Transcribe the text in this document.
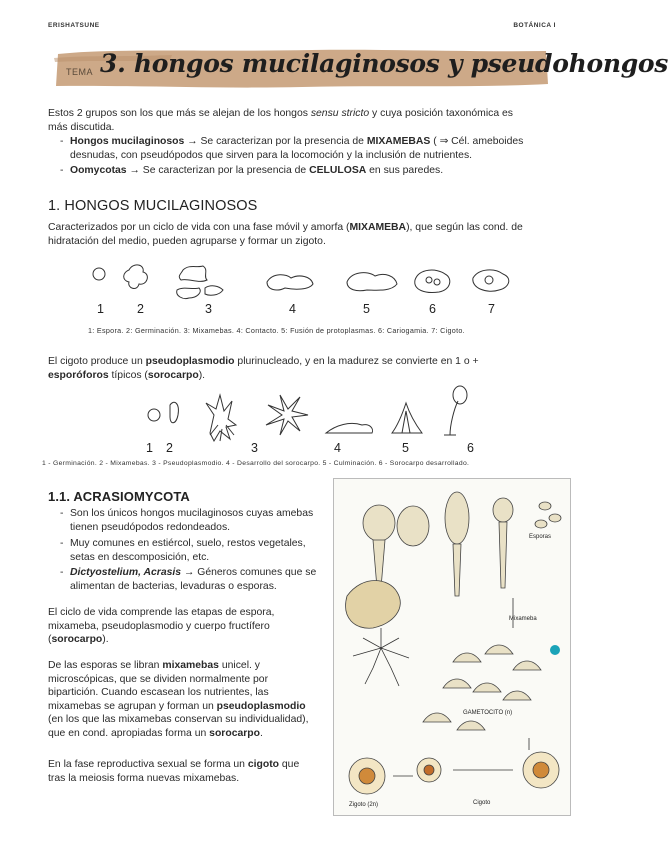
ERISHATSUNE	BOTÁNICA I
TEMA 3. hongos mucilaginosos y pseudohongos
Estos 2 grupos son los que más se alejan de los hongos sensu stricto y cuya posición taxonómica es
más discutida.
- Hongos mucilaginosos → Se caracterizan por la presencia de MIXAMEBAS ( ⇒ Cél. ameboides
desnudas, con pseudópodos que sirven para la locomoción y la inclusión de nutrientes.
- Oomycotas → Se caracterizan por la presencia de CELULOSA en sus paredes.
1. HONGOS MUCILAGINOSOS
Caracterizados por un ciclo de vida con una fase móvil y amorfa (MIXAMEBA), que según las cond. de
hidratación del medio, pueden agruparse y formar un zigoto.
1	2	3	4	5	6	7
1: Espora. 2: Germinación. 3: Mixamebas. 4: Contacto. 5: Fusión de protoplasmas. 6: Cariogamia. 7: Cigoto.
El cigoto produce un pseudoplasmodio plurinucleado, y en la madurez se convierte en 1 o +
esporóforos típicos (sorocarpo).
1 2	3	4	5	6
1 - Germinación. 2 - Mixamebas. 3 - Pseudoplasmodio. 4 - Desarrollo del sorocarpo. 5 - Culminación. 6 - Sorocarpo desarrollado.
1.1. ACRASIOMYCOTA
- Son los únicos hongos mucilaginosos cuyas amebas
tienen pseudópodos redondeados.
- Muy comunes en estiércol, suelo, restos vegetales,
setas en descomposición, etc.
- Dictyostelium, Acrasis → Géneros comunes que se
alimentan de bacterias, levaduras o esporas.
El ciclo de vida comprende las etapas de espora,
mixameba, pseudoplasmodio y cuerpo fructífero
(sorocarpo).
De las esporas se libran mixamebas unicel. y
microscópicas, que se dividen normalmente por
bipartición. Cuando escasean los nutrientes, las
mixamebas se agrupan y forman un pseudoplasmodio
(en los que las mixamebas conservan su individualidad),
que en cond. apropiadas forma un sorocarpo.
En la fase reproductiva sexual se forma un cigoto que
tras la meiosis forma nuevas mixamebas.
GAMETOCITO (n)
Cigoto
Zigoto (2n)
Mixameba
Esporas
